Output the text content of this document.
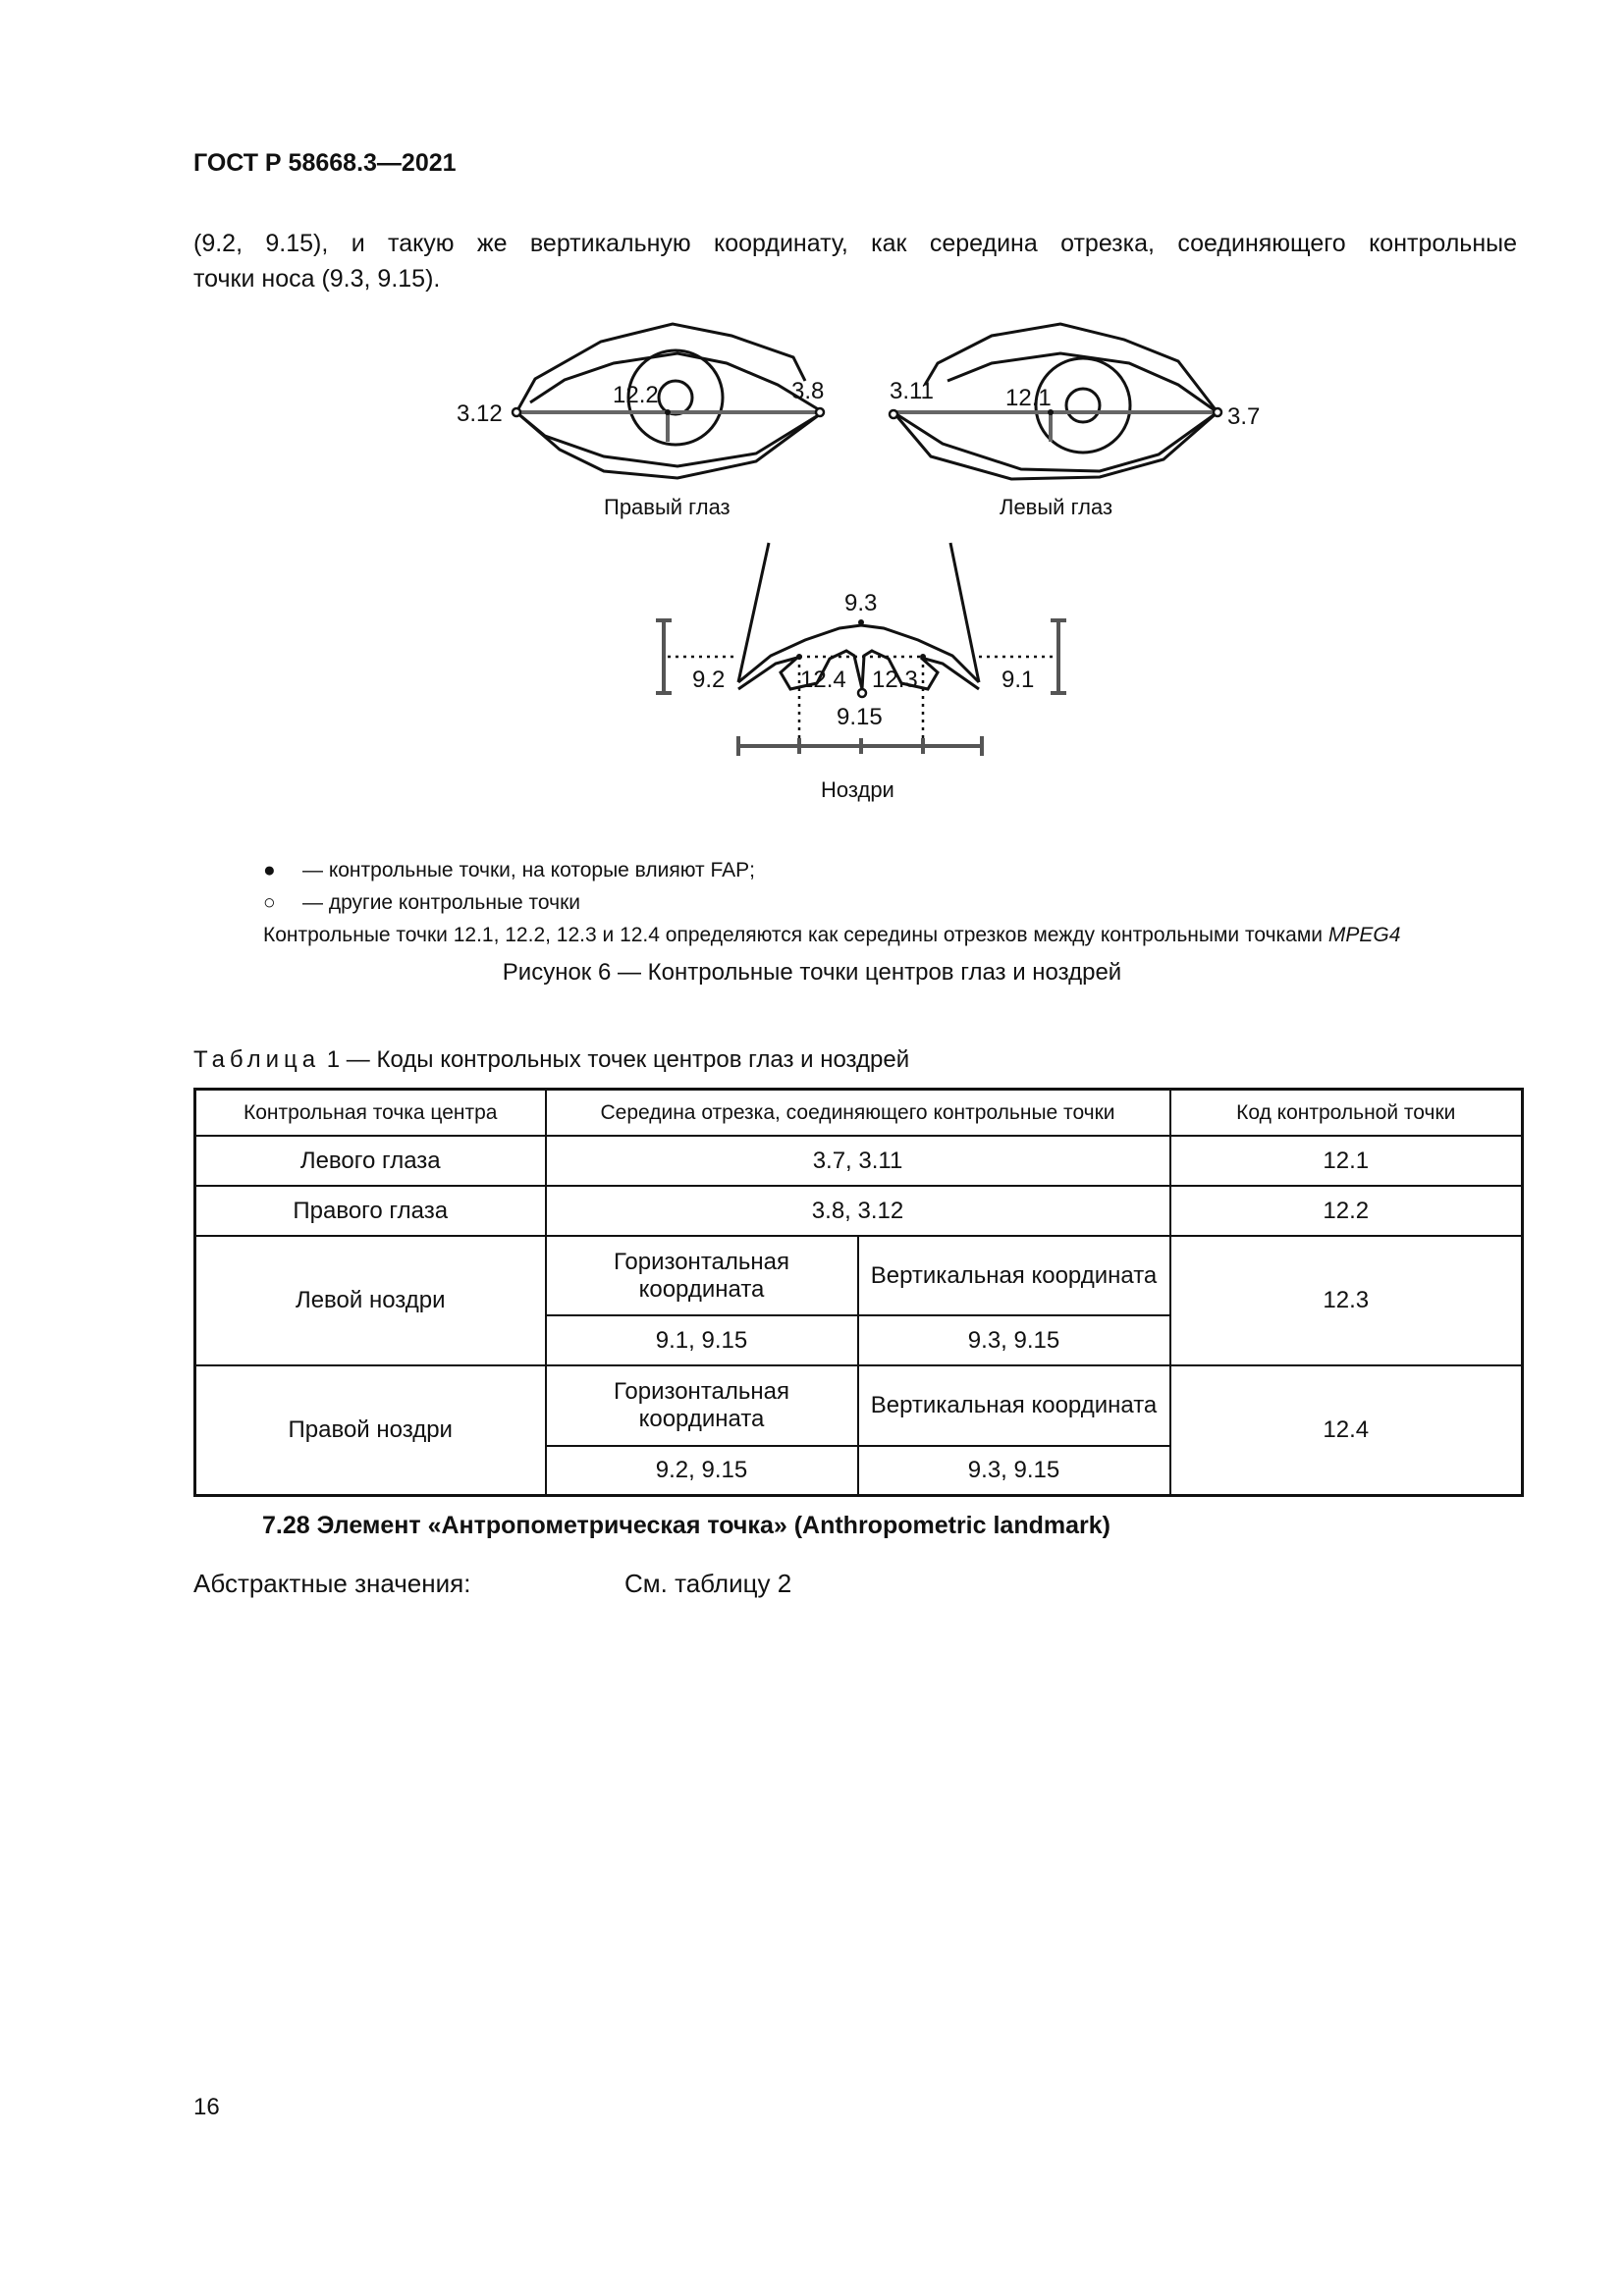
ГОСТ Р 58668.3—2021
(9.2, 9.15), и такую же вертикальную координату, как середина отрезка, соединяющего контрольные
точки носа (9.3, 9.15).
3.12
12.2	3.8
Правый глаз
3.11	12.1
3.7
Левый глаз
9.3
9.2	12.4 12.3	9.1
9.15
Ноздри
● — контрольные точки, на которые влияют FAP;
○ — другие контрольные точки
Контрольные точки 12.1, 12.2, 12.3 и 12.4 определяются как середины отрезков между контрольными точками MPEG4
Рисунок 6 — Контрольные точки центров глаз и ноздрей
Таблица 1 — Коды контрольных точек центров глаз и ноздрей
Контрольная точка центра	Середина отрезка, соединяющего контрольные точки		Код контрольной точки
Левого глаза	3.7, 3.11		12.1
Правого глаза	3.8, 3.12		12.2
Левой ноздри	Горизонтальная координата	Вертикальная координата	12.3
	9.1, 9.15	9.3, 9.15	
Правой ноздри	Горизонтальная координата	Вертикальная координата	12.4
	9.2, 9.15	9.3, 9.15	
7.28 Элемент «Антропометрическая точка» (Anthropometric landmark)
Абстрактные значения:	См. таблицу 2
16
